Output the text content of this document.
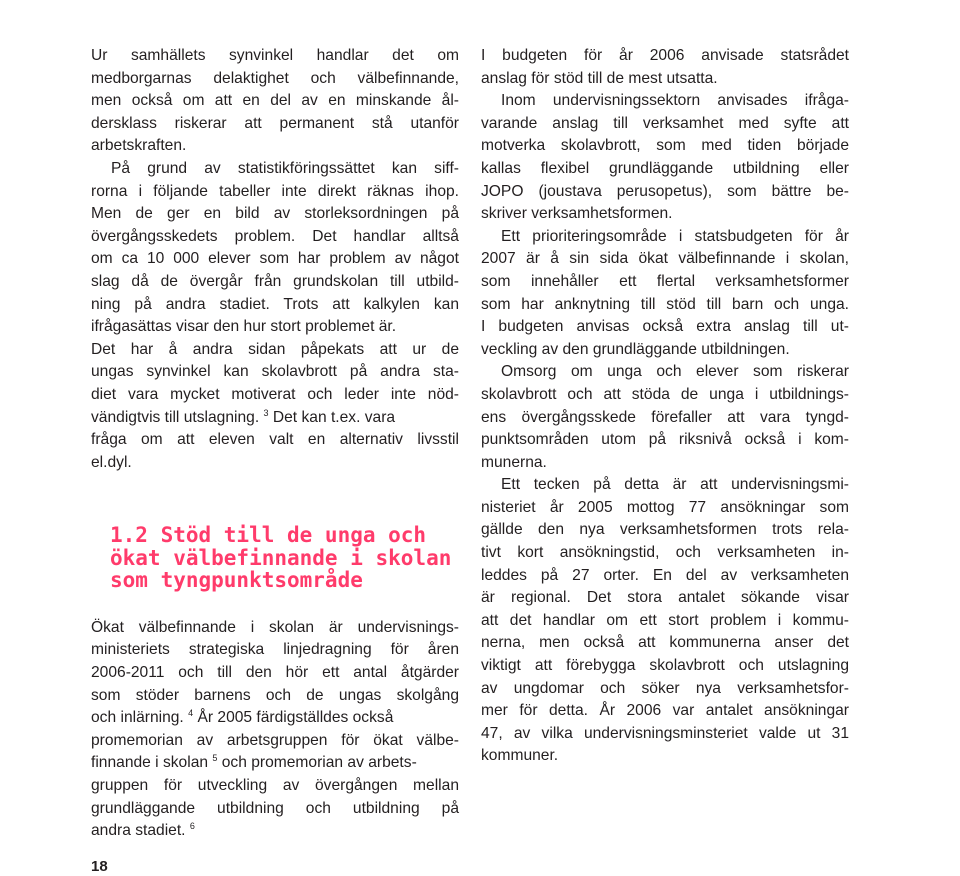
Ur samhällets synvinkel handlar det om
medborgarnas delaktighet och välbefinnande,
men också om att en del av en minskande ål-
dersklass riskerar att permanent stå utanför
arbetskraften.

På grund av statistikföringssättet kan siff-
rorna i följande tabeller inte direkt räknas ihop.
Men de ger en bild av storleksordningen på
övergångsskedets problem. Det handlar alltså
om ca 10 000 elever som har problem av något
slag då de övergår från grundskolan till utbild-
ning på andra stadiet. Trots att kalkylen kan
ifrågasättas visar den hur stort problemet är.

Det har å andra sidan påpekats att ur de
ungas synvinkel kan skolavbrott på andra sta-
diet vara mycket motiverat och leder inte nöd-
vändigtvis till utslagning. $^3$ Det kan t.ex. vara
fråga om att eleven valt en alternativ livsstil
el.dyl.

1.2 Stöd till de unga och
ökat välbefinnande i skolan
som tyngpunktsområde

Ökat välbefinnande i skolan är undervisnings-
ministeriets strategiska linjedragning för åren
2006-2011 och till den hör ett antal åtgärder
som stöder barnens och de ungas skolgång
och inlärning. $^4$ År 2005 färdigställdes också
promemorian av arbetsgruppen för ökat välbe-
finnande i skolan $^5$ och promemorian av arbets-
gruppen för utveckling av övergången mellan
grundläggande utbildning och utbildning på
andra stadiet. $^6$

I budgeten för år 2006 anvisade statsrådet
anslag för stöd till de mest utsatta.

Inom undervisningssektorn anvisades ifråga-
varande anslag till verksamhet med syfte att
motverka skolavbrott, som med tiden började
kallas flexibel grundläggande utbildning eller
JOPO (joustava perusopetus), som bättre be-
skriver verksamhetsformen.

Ett prioriteringsområde i statsbudgeten för år
2007 är å sin sida ökat välbefinnande i skolan,
som innehåller ett flertal verksamhetsformer
som har anknytning till stöd till barn och unga.
I budgeten anvisas också extra anslag till ut-
veckling av den grundläggande utbildningen.

Omsorg om unga och elever som riskerar
skolavbrott och att stöda de unga i utbildnings-
ens övergångsskede förefaller att vara tyngd-
punktsområden utom på riksnivå också i kom-
munerna.

Ett tecken på detta är att undervisningsmi-
nisteriet år 2005 mottog 77 ansökningar som
gällde den nya verksamhetsformen trots rela-
tivt kort ansökningstid, och verksamheten in-
leddes på 27 orter. En del av verksamheten
är regional. Det stora antalet sökande visar
att det handlar om ett stort problem i kommu-
nerna, men också att kommunerna anser det
viktigt att förebygga skolavbrott och utslagning
av ungdomar och söker nya verksamhetsfor-
mer för detta. År 2006 var antalet ansökningar
47, av vilka undervisningsminsteriet valde ut 31
kommuner.

18
